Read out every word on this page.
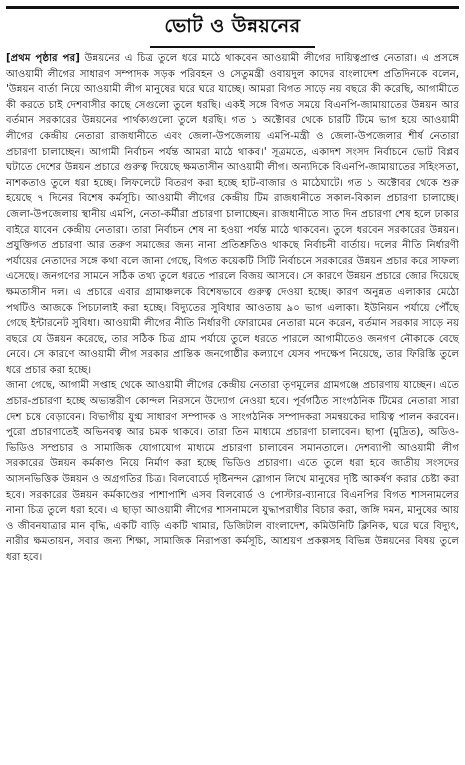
ভোট ও উন্নয়নের

[প্রথম পৃষ্ঠার পর] উন্নয়নের এ চিত্র তুলে ধরে মাঠে থাকবেন আওয়ামী লীগের দায়িত্বপ্রাপ্ত নেতারা। এ প্রসঙ্গে আওয়ামী লীগের সাধারণ সম্পাদক সড়ক পরিবহন ও সেতুমন্ত্রী ওবায়দুল কাদের বাংলাদেশ প্রতিদিনকে বলেন, 'উন্নয়ন বার্তা নিয়ে আওয়ামী লীগ মানুষের ঘরে ঘরে যাচ্ছে। আমরা বিগত সাড়ে নয় বছরে কী করেছি, আগামীতে কী করতে চাই দেশবাসীর কাছে সেগুলো তুলে ধরছি। একই সঙ্গে বিগত সময়ে বিএনপি-জামায়াতের উন্নয়ন আর বর্তমান সরকারের উন্নয়নের পার্থক্যগুলো তুলে ধরছি। গত ১ অক্টোবর থেকে চারটি টিমে ভাগ হয়ে আওয়ামী লীগের কেন্দ্রীয় নেতারা রাজধানীতে এবং জেলা-উপজেলায় এমপি-মন্ত্রী ও জেলা-উপজেলার শীর্ষ নেতারা প্রচারণা চালাচ্ছেন। আগামী নির্বাচন পর্যন্ত আমরা মাঠে থাকব।' সূত্রমতে, একাদশ সংসদ নির্বাচনে ভোট বিপ্লব ঘটাতে দেশের উন্নয়ন প্রচারে গুরুত্ব দিয়েছে ক্ষমতাসীন আওয়ামী লীগ। অন্যদিকে বিএনপি-জামায়াতের সহিংসতা, নাশকতাও তুলে ধরা হচ্ছে। লিফলেটে বিতরণ করা হচ্ছে হাট-বাজার ও মাঠেঘাটে। গত ১ অক্টোবর থেকে শুরু হয়েছে ৭ দিনের বিশেষ কর্মসূচি। আওয়ামী লীগের কেন্দ্রীয় টিম রাজধানীতে সকাল-বিকাল প্রচারণা চালাচ্ছে। জেলা-উপজেলায় স্থানীয় এমপি, নেতা-কর্মীরা প্রচারণা চালাচ্ছেন। রাজধানীতে সাত দিন প্রচারণা শেষ হলে ঢাকার বাইরে যাবেন কেন্দ্রীয় নেতারা। তারা নির্বাচন শেষ না হওয়া পর্যন্ত মাঠে থাকবেন। তুলে ধরবেন সরকারের উন্নয়ন। প্রযুক্তিগত প্রচারণা আর তরুণ সমাজের জন্য নানা প্রতিশ্রুতিও থাকছে নির্বাচনী বার্তায়। দলের নীতি নির্ধারণী পর্যায়ের নেতাদের সঙ্গে কথা বলে জানা গেছে, বিগত কয়েকটি সিটি নির্বাচনে সরকারের উন্নয়ন প্রচার করে সাফল্য এসেছে। জনগণের সামনে সঠিক তথ্য তুলে ধরতে পারলে বিজয় আসবে। সে কারণে উন্নয়ন প্রচারে জোর দিয়েছে ক্ষমতাসীন দল। এ প্রচারে এবার গ্রামাঞ্চলকে বিশেষভাবে গুরুত্ব দেওয়া হচ্ছে। কারণ অনুন্নত এলাকার মেঠো পথটিও আজকে পিচঢালাই করা হচ্ছে। বিদ্যুতের সুবিধার আওতায় ৯০ ভাগ এলাকা। ইউনিয়ন পর্যায়ে পৌঁছে গেছে ইন্টারনেট সুবিধা। আওয়ামী লীগের নীতি নির্ধারণী ফোরামের নেতারা মনে করেন, বর্তমান সরকার সাড়ে নয় বছরে যে উন্নয়ন করেছে, তার সঠিক চিত্র গ্রাম পর্যায়ে তুলে ধরতে পারলে আগামীতেও জনগণ নৌকাকে বেছে নেবে। সে কারণে আওয়ামী লীগ সরকার প্রান্তিক জনগোষ্ঠীর কল্যাণে যেসব পদক্ষেপ নিয়েছে, তার ফিরিস্তি তুলে ধরে প্রচার করা হচ্ছে।

জানা গেছে, আগামী সপ্তাহ থেকে আওয়ামী লীগের কেন্দ্রীয় নেতারা তৃণমূলের গ্রামগঞ্জে প্রচারণায় যাচ্ছেন। এতে প্রচার-প্রচারণা হচ্ছে অভ্যন্তরীণ কোন্দল নিরসনে উদ্যোগ নেওয়া হবে। পূর্বগঠিত সাংগঠনিক টিমের নেতারা সারা দেশ চষে বেড়াবেন। বিভাগীয় যুগ্ম সাধারণ সম্পাদক ও সাংগঠনিক সম্পাদকরা সমন্বয়কের দায়িত্ব পালন করবেন। পুরো প্রচারণাতেই অভিনবত্ব আর চমক থাকবে। তারা তিন মাধ্যমে প্রচারণা চালাবেন। ছাপা (মুদ্রিত), অডিও-ভিডিও সম্প্রচার ও সামাজিক যোগাযোগ মাধ্যমে প্রচারণা চালাবেন সমানতালে। দেশব্যাপী আওয়ামী লীগ সরকারের উন্নয়ন কর্মকাণ্ড নিয়ে নির্মাণ করা হচ্ছে ভিডিও প্রচারণা। এতে তুলে ধরা হবে জাতীয় সংসদের আসনভিত্তিক উন্নয়ন ও অগ্রগতির চিত্র। বিলবোর্ডে দৃষ্টিনন্দন স্লোগান লিখে মানুষের দৃষ্টি আকর্ষণ করার চেষ্টা করা হবে। সরকারের উন্নয়ন কর্মকাণ্ডের পাশাপাশি এসব বিলবোর্ড ও পোস্টার-ব্যানারে বিএনপির বিগত শাসনামলের নানা চিত্র তুলে ধরা হবে। এ ছাড়া আওয়ামী লীগের শাসনামলে যুদ্ধাপরাধীর বিচার করা, জঙ্গি দমন, মানুষের আয় ও জীবনযাত্রার মান বৃদ্ধি, একটি বাড়ি একটি খামার, ডিজিটাল বাংলাদেশ, কমিউনিটি ক্লিনিক, ঘরে ঘরে বিদ্যুৎ, নারীর ক্ষমতায়ন, সবার জন্য শিক্ষা, সামাজিক নিরাপত্তা কর্মসূচি, আশ্রয়ণ প্রকল্পসহ বিভিন্ন উন্নয়নের বিষয় তুলে ধরা হবে।
